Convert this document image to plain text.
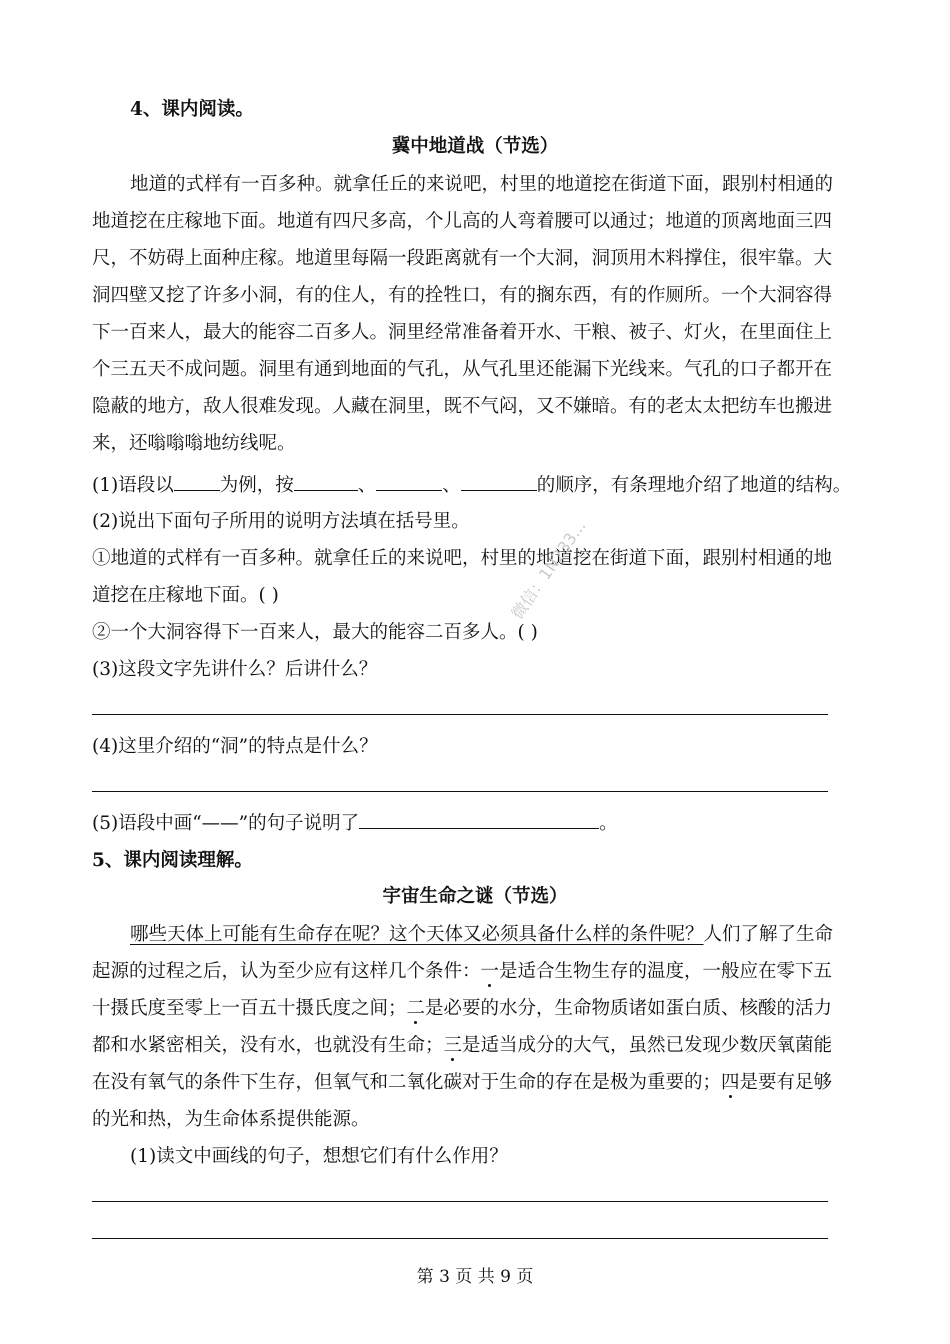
4、课内阅读。
冀中地道战（节选）
地道的式样有一百多种。就拿任丘的来说吧，村里的地道挖在街道下面，跟别村相通的
地道挖在庄稼地下面。地道有四尺多高，个儿高的人弯着腰可以通过；地道的顶离地面三四
尺，不妨碍上面种庄稼。地道里每隔一段距离就有一个大洞，洞顶用木料撑住，很牢靠。大
洞四壁又挖了许多小洞，有的住人，有的拴牲口，有的搁东西，有的作厕所。一个大洞容得
下一百来人，最大的能容二百多人。洞里经常准备着开水、干粮、被子、灯火，在里面住上
个三五天不成问题。洞里有通到地面的气孔，从气孔里还能漏下光线来。气孔的口子都开在
隐蔽的地方，敌人很难发现。人藏在洞里，既不气闷，又不嫌暗。有的老太太把纺车也搬进
来，还嗡嗡嗡地纺线呢。
(1)语段以 为例，按	、	、	的顺序，有条理地介绍了地道的结构。
(2)说出下面句子所用的说明方法填在括号里。
①地道的式样有一百多种。就拿任丘的来说吧，村里的地道挖在街道下面，跟别村相通的地
道挖在庄稼地下面。( )
②一个大洞容得下一百来人，最大的能容二百多人。( )
(3)这段文字先讲什么？后讲什么？
(4)这里介绍的“洞”的特点是什么？
(5)语段中画“——”的句子说明了	。
5、课内阅读理解。
宇宙生命之谜（节选）
哪些天体上可能有生命存在呢？这个天体又必须具备什么样的条件呢？人们了解了生命
起源的过程之后，认为至少应有这样几个条件：一是适合生物生存的温度，一般应在零下五
十摄氏度至零上一百五十摄氏度之间；二是必要的水分，生命物质诸如蛋白质、核酸的活力
都和水紧密相关，没有水，也就没有生命；三是适当成分的大气，虽然已发现少数厌氧菌能
在没有氧气的条件下生存，但氧气和二氧化碳对于生命的存在是极为重要的；四是要有足够
的光和热，为生命体系提供能源。
(1)读文中画线的句子，想想它们有什么作用？
微信：1N233...
第 3 页 共 9 页
